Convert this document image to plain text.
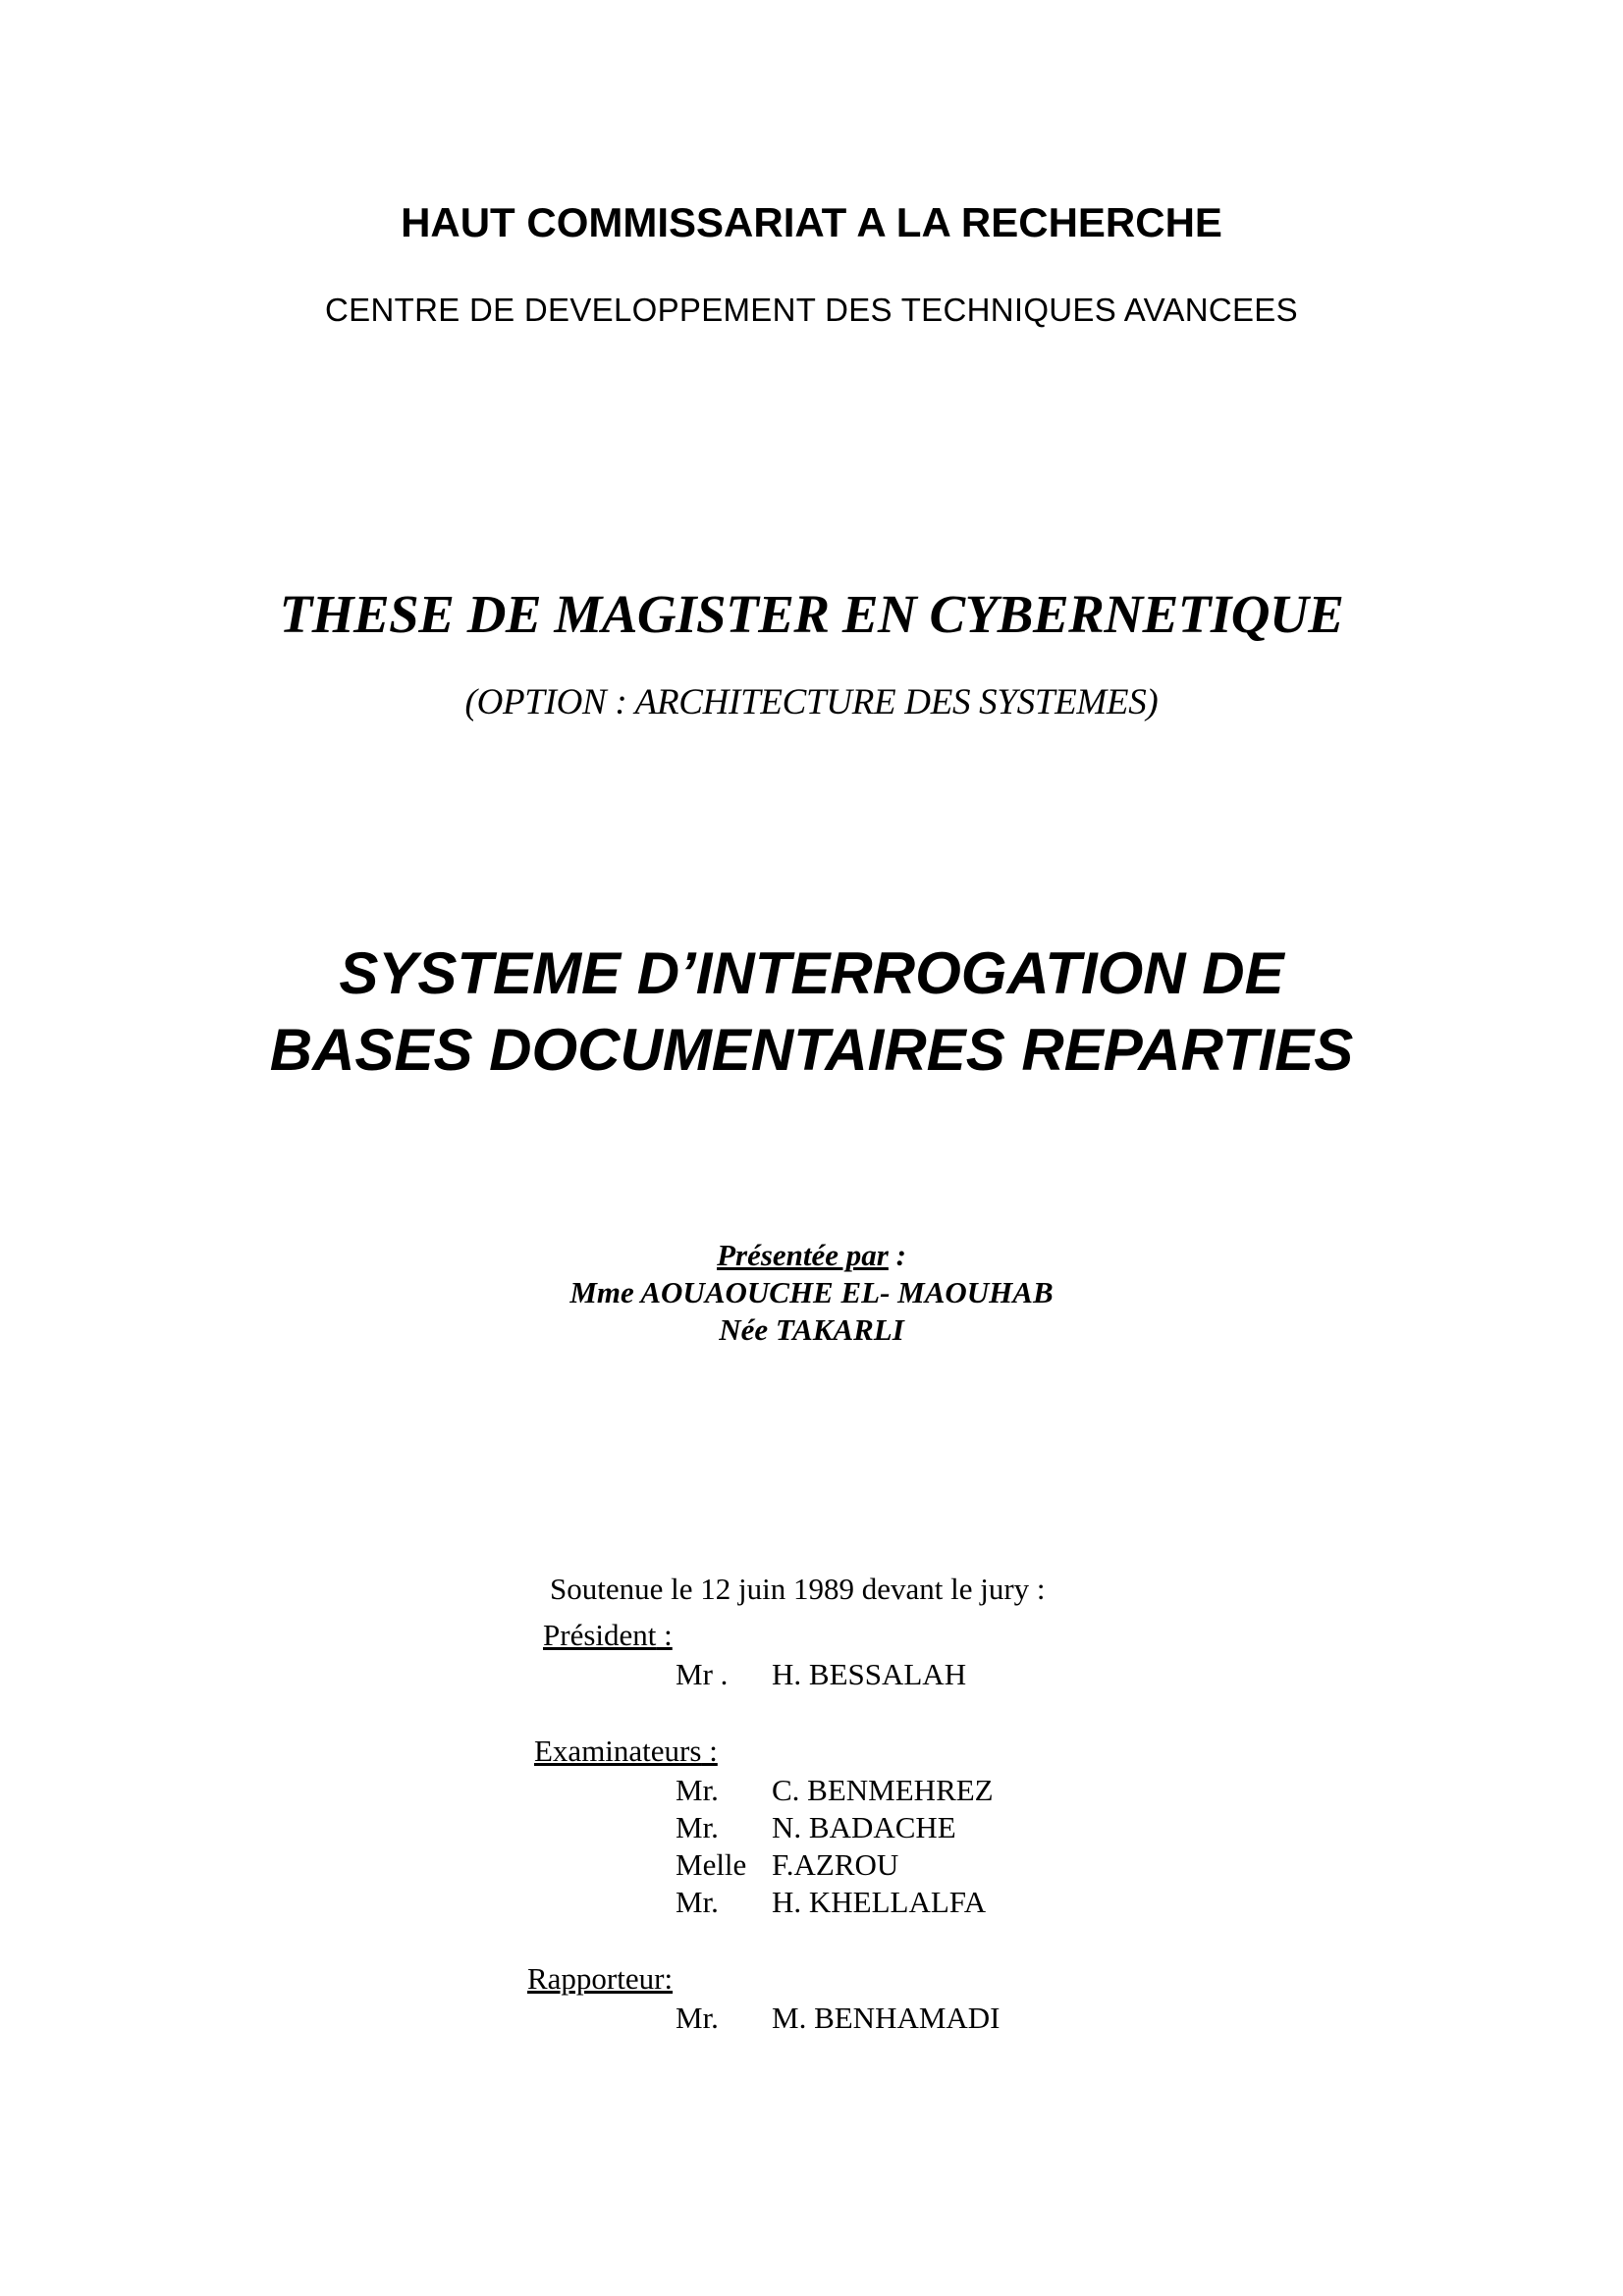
HAUT COMMISSARIAT A LA RECHERCHE

CENTRE DE DEVELOPPEMENT DES TECHNIQUES AVANCEES

THESE DE MAGISTER EN CYBERNETIQUE

(OPTION : ARCHITECTURE DES SYSTEMES)

SYSTEME D’INTERROGATION DE
BASES DOCUMENTAIRES REPARTIES
Présentée par :
Mme AOUAOUCHE EL- MAOUHAB
Née TAKARLI

Soutenue le 12 juin 1989 devant le jury :

Président :
Mr . H. BESSALAH
Examinateurs :
Mr. C. BENMEHREZ
Mr. N. BADACHE
Melle F.AZROU
Mr. H. KHELLALFA
Rapporteur:
Mr. M. BENHAMADI
